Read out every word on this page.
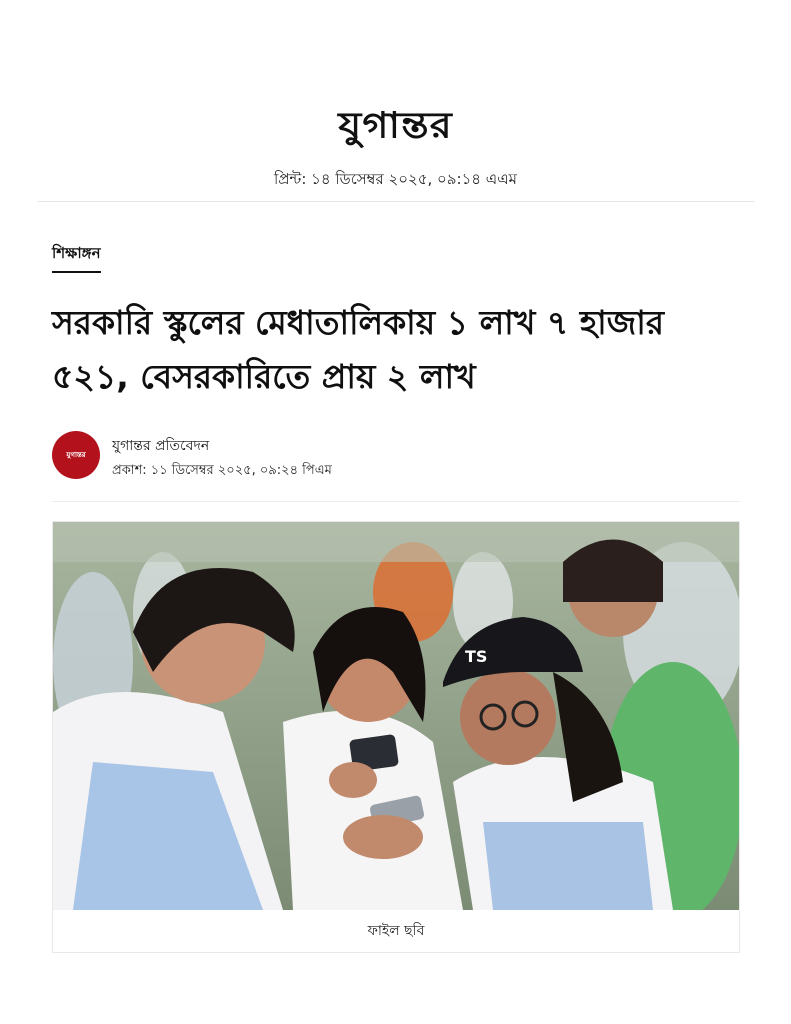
যুগান্তর
প্রিন্ট: ১৪ ডিসেম্বর ২০২৫, ০৯:১৪ এএম
শিক্ষাঙ্গন
সরকারি স্কুলের মেধাতালিকায় ১ লাখ ৭ হাজার ৫২১, বেসরকারিতে প্রায় ২ লাখ
যুগান্তর
যুগান্তর প্রতিবেদন
প্রকাশ: ১১ ডিসেম্বর ২০২৫, ০৯:২৪ পিএম
TS
ফাইল ছবি
